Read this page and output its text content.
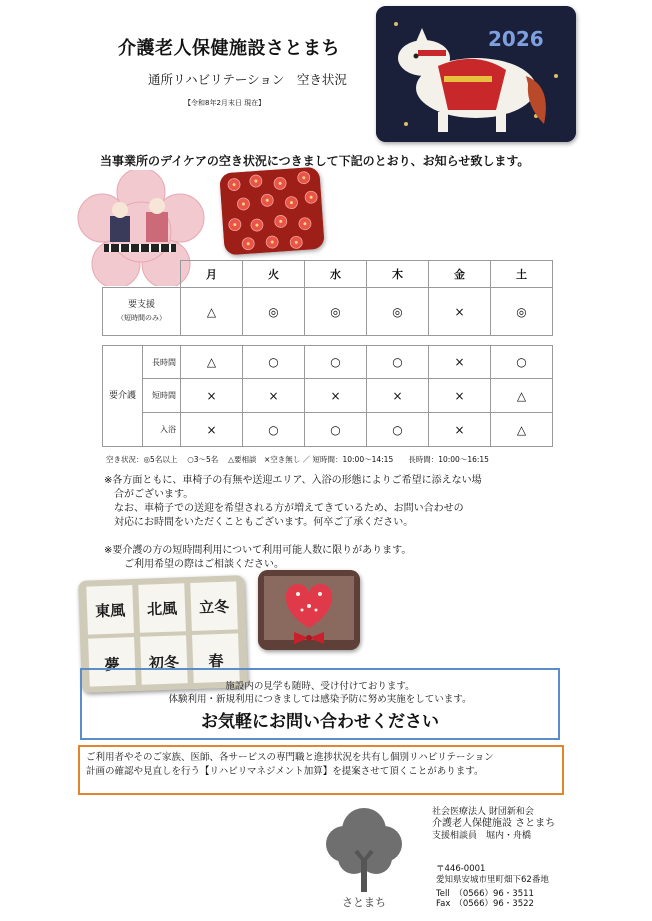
介護老人保健施設さとまち
通所リハビリテーション　空き状況
【令和8年2月末日 現在】
2026
当事業所のデイケアの空き状況につきまして下記のとおり、お知らせ致します。
		月	火	水	木	金	土
要支援
（短時間のみ）		△	◎	◎	◎	×	◎

要介護	長時間	△	○	○	○	×	○
	短時間	×	×	×	×	×	△
	入浴	×	○	○	○	×	△
空き状況：◎5名以上　 ○3～5名　 △要相談　×空き無し ／ 短時間：10:00～14:15　　長時間：10:00～16:15

※各方面ともに、車椅子の有無や送迎エリア、入浴の形態によりご希望に添えない場

　合がございます。

　なお、車椅子での送迎を希望される方が増えてきているため、お問い合わせの

　対応にお時間をいただくこともございます。何卒ご了承ください。

※要介護の方の短時間利用について利用可能人数に限りがあります。

　　ご利用希望の際はご相談ください。

東風 北風 立冬
夢 初冬 春
施設内の見学も随時、受け付けております。
体験利用・新規利用につきましては感染予防に努め実施をしています。
お気軽にお問い合わせください
ご利用者やそのご家族、医師、各サービスの専門職と進捗状況を共有し個別リハビリテーション
計画の確認や見直しを行う【リハビリマネジメント加算】を提案させて頂くことがあります。
さとまち
社会医療法人 財団新和会
介護老人保健施設 さとまち
支援相談員　堀内・舟橋
〒446-0001
愛知県安城市里町畑下62番地
Tell	（0566）96・3511
Fax	（0566）96・3522
